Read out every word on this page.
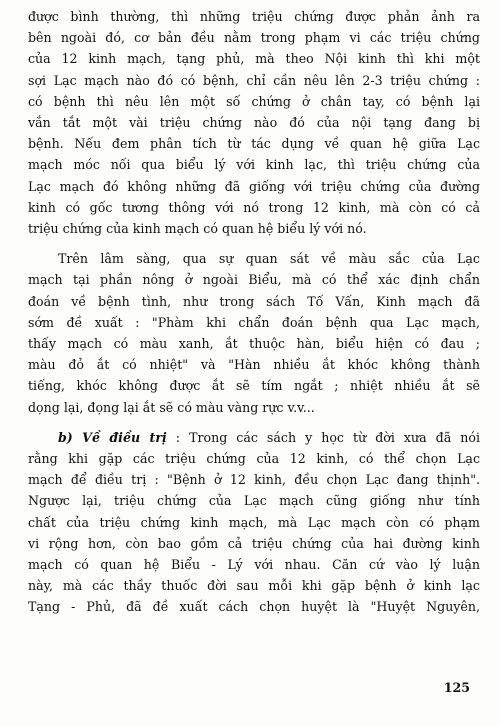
được bình thường, thì những triệu chứng được phản ảnh ra
bên ngoài đó, cơ bản đều nằm trong phạm vi các triệu chứng
của 12 kinh mạch, tạng phủ, mà theo Nội kinh thì khi một
sợi Lạc mạch nào đó có bệnh, chỉ cần nêu lên 2-3 triệu chứng :
có bệnh thì nêu lên một số chứng ở chân tay, có bệnh lại
vắn tắt một vài triệu chứng nào đó của nội tạng đang bị
bệnh. Nếu đem phân tích từ tác dụng về quan hệ giữa Lạc
mạch móc nối qua biểu lý với kinh lạc, thì triệu chứng của
Lạc mạch đó không những đã giống với triệu chứng của đường
kinh có gốc tương thông với nó trong 12 kinh, mà còn có cả
triệu chứng của kinh mạch có quan hệ biểu lý với nó.
Trên lâm sàng, qua sự quan sát về màu sắc của Lạc
mạch tại phần nông ở ngoài Biểu, mà có thể xác định chẩn
đoán về bệnh tình, như trong sách Tố Vấn, Kinh mạch đã
sớm đề xuất : "Phàm khi chẩn đoán bệnh qua Lạc mạch,
thấy mạch có màu xanh, ắt thuộc hàn, biểu hiện có đau ;
màu đỏ ắt có nhiệt" và "Hàn nhiều ắt khóc không thành
tiếng, khóc không được ắt sẽ tím ngắt ; nhiệt nhiều ắt sẽ
dọng lại, đọng lại ắt sẽ có màu vàng rực v.v...
b) Về điều trị : Trong các sách y học từ đời xưa đã nói
rằng khi gặp các triệu chứng của 12 kinh, có thể chọn Lạc
mạch để điều trị : "Bệnh ở 12 kinh, đều chọn Lạc đang thịnh".
Ngược lại, triệu chứng của Lạc mạch cũng giống như tính
chất của triệu chứng kinh mạch, mà Lạc mạch còn có phạm
vi rộng hơn, còn bao gồm cả triệu chứng của hai đường kinh
mạch có quan hệ Biểu - Lý với nhau. Căn cứ vào lý luận
này, mà các thầy thuốc đời sau mỗi khi gặp bệnh ở kinh lạc
Tạng - Phủ, đã đề xuất cách chọn huyệt là "Huyệt Nguyên,
125
